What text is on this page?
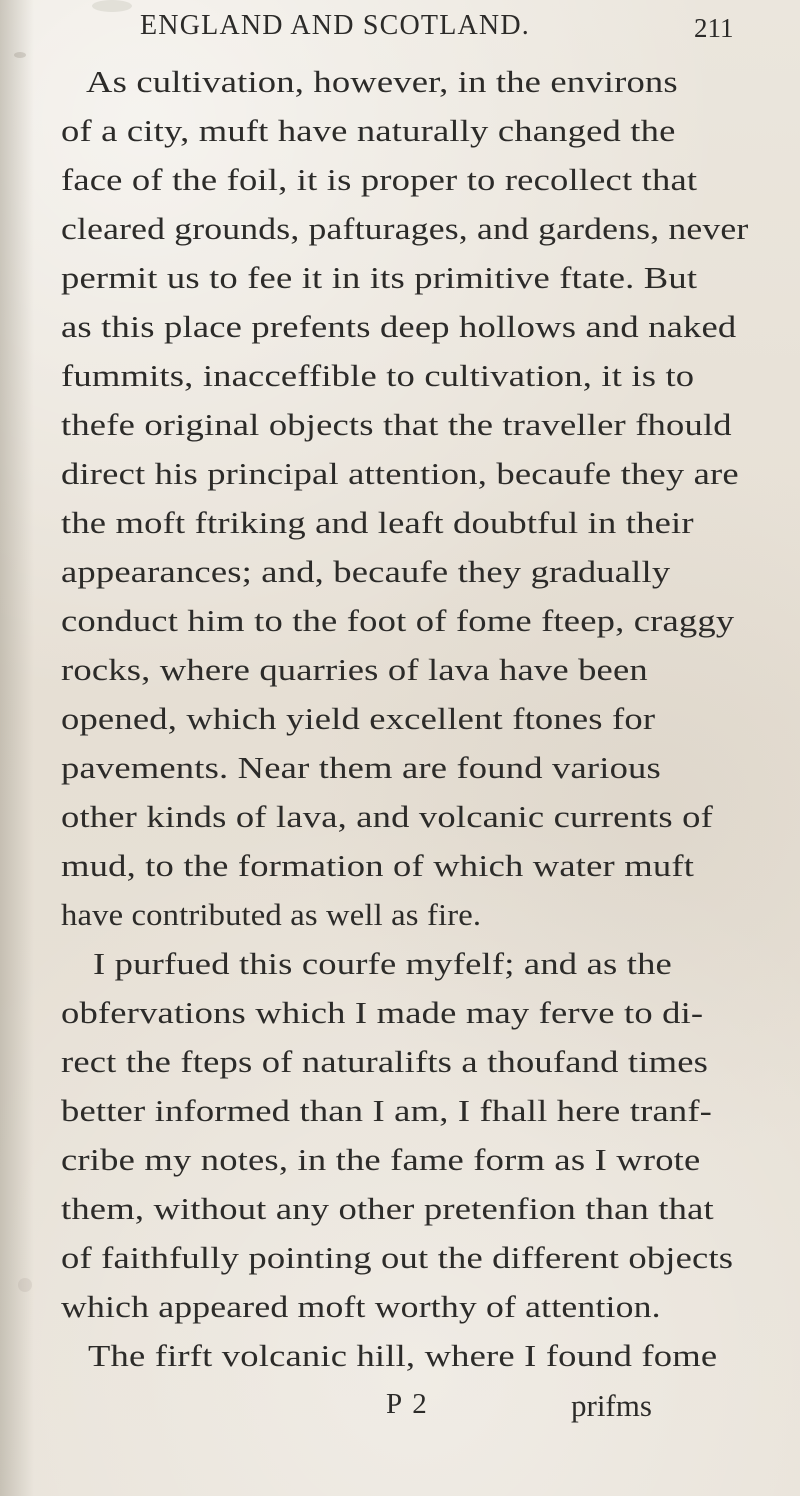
ENGLAND AND SCOTLAND.	211
As cultivation, however, in the environs
of a city, muft have naturally changed the
face of the foil, it is proper to recollect that
cleared grounds, pafturages, and gardens, never
permit us to fee it in its primitive ftate. But
as this place prefents deep hollows and naked
fummits, inacceffible to cultivation, it is to
thefe original objects that the traveller fhould
direct his principal attention, becaufe they are
the moft ftriking and leaft doubtful in their
appearances; and, becaufe they gradually
conduct him to the foot of fome fteep, craggy
rocks, where quarries of lava have been
opened, which yield excellent ftones for
pavements. Near them are found various
other kinds of lava, and volcanic currents of
mud, to the formation of which water muft
have contributed as well as fire.
I purfued this courfe myfelf; and as the
obfervations which I made may ferve to di-
rect the fteps of naturalifts a thoufand times
better informed than I am, I fhall here tranf-
cribe my notes, in the fame form as I wrote
them, without any other pretenfion than that
of faithfully pointing out the different objects
which appeared moft worthy of attention.
The firft volcanic hill, where I found fome
P 2	prifms
